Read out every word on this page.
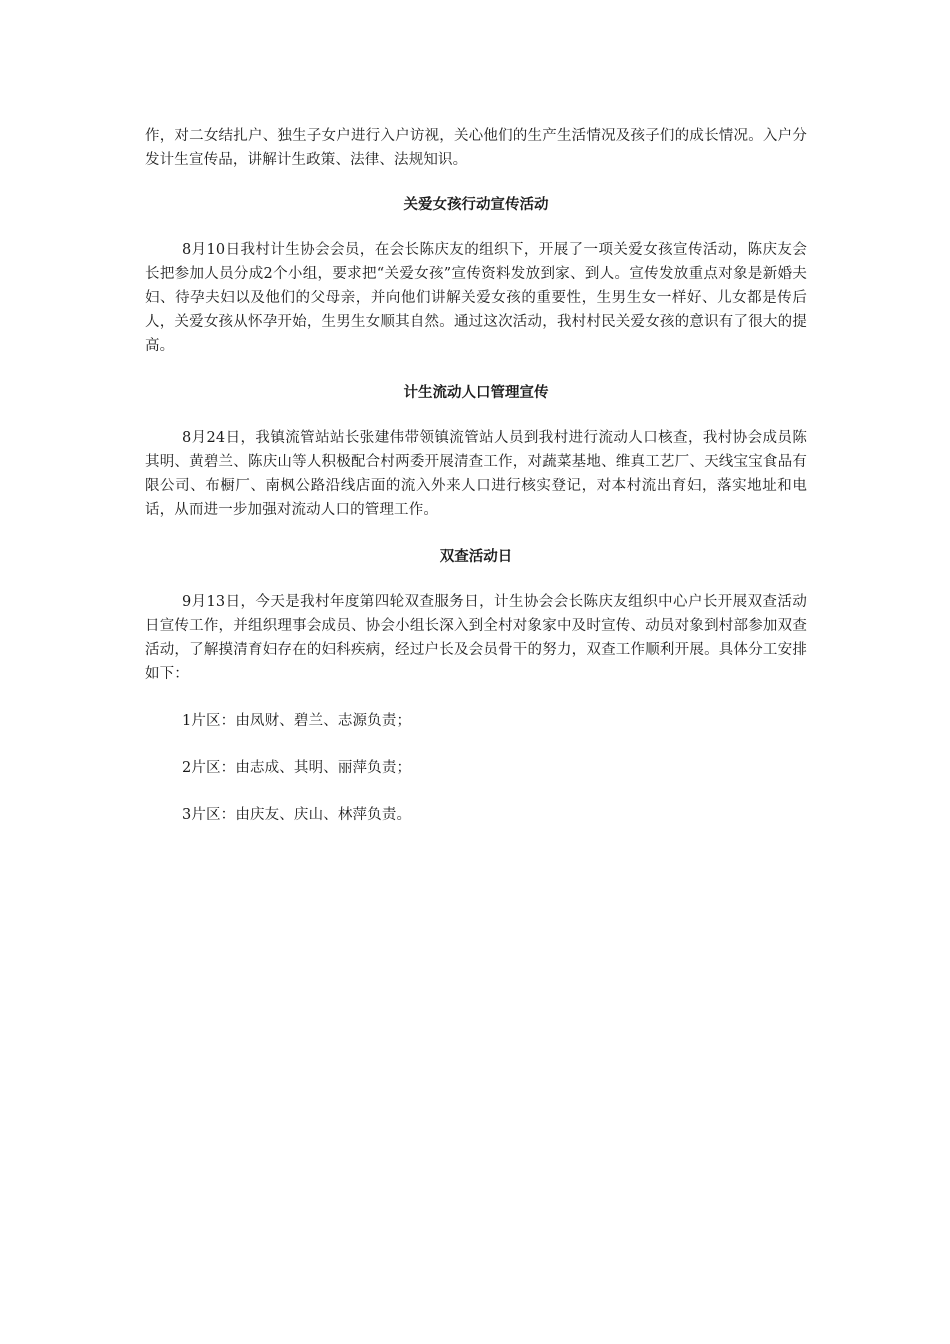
作，对二女结扎户、独生子女户进行入户访视，关心他们的生产生活情况及孩子们的成长情况。入户分发计生宣传品，讲解计生政策、法律、法规知识。

关爱女孩行动宣传活动

8月10日我村计生协会会员，在会长陈庆友的组织下，开展了一项关爱女孩宣传活动，陈庆友会长把参加人员分成2个小组，要求把“关爱女孩”宣传资料发放到家、到人。宣传发放重点对象是新婚夫妇、待孕夫妇以及他们的父母亲，并向他们讲解关爱女孩的重要性，生男生女一样好、儿女都是传后人，关爱女孩从怀孕开始，生男生女顺其自然。通过这次活动，我村村民关爱女孩的意识有了很大的提高。

计生流动人口管理宣传

8月24日，我镇流管站站长张建伟带领镇流管站人员到我村进行流动人口核查，我村协会成员陈其明、黄碧兰、陈庆山等人积极配合村两委开展清查工作，对蔬菜基地、维真工艺厂、天线宝宝食品有限公司、布橱厂、南枫公路沿线店面的流入外来人口进行核实登记，对本村流出育妇，落实地址和电话，从而进一步加强对流动人口的管理工作。

双查活动日

9月13日，今天是我村年度第四轮双查服务日，计生协会会长陈庆友组织中心户长开展双查活动日宣传工作，并组织理事会成员、协会小组长深入到全村对象家中及时宣传、动员对象到村部参加双查活动，了解摸清育妇存在的妇科疾病，经过户长及会员骨干的努力，双查工作顺利开展。具体分工安排如下：

1片区：由凤财、碧兰、志源负责；

2片区：由志成、其明、丽萍负责；

3片区：由庆友、庆山、林萍负责。
